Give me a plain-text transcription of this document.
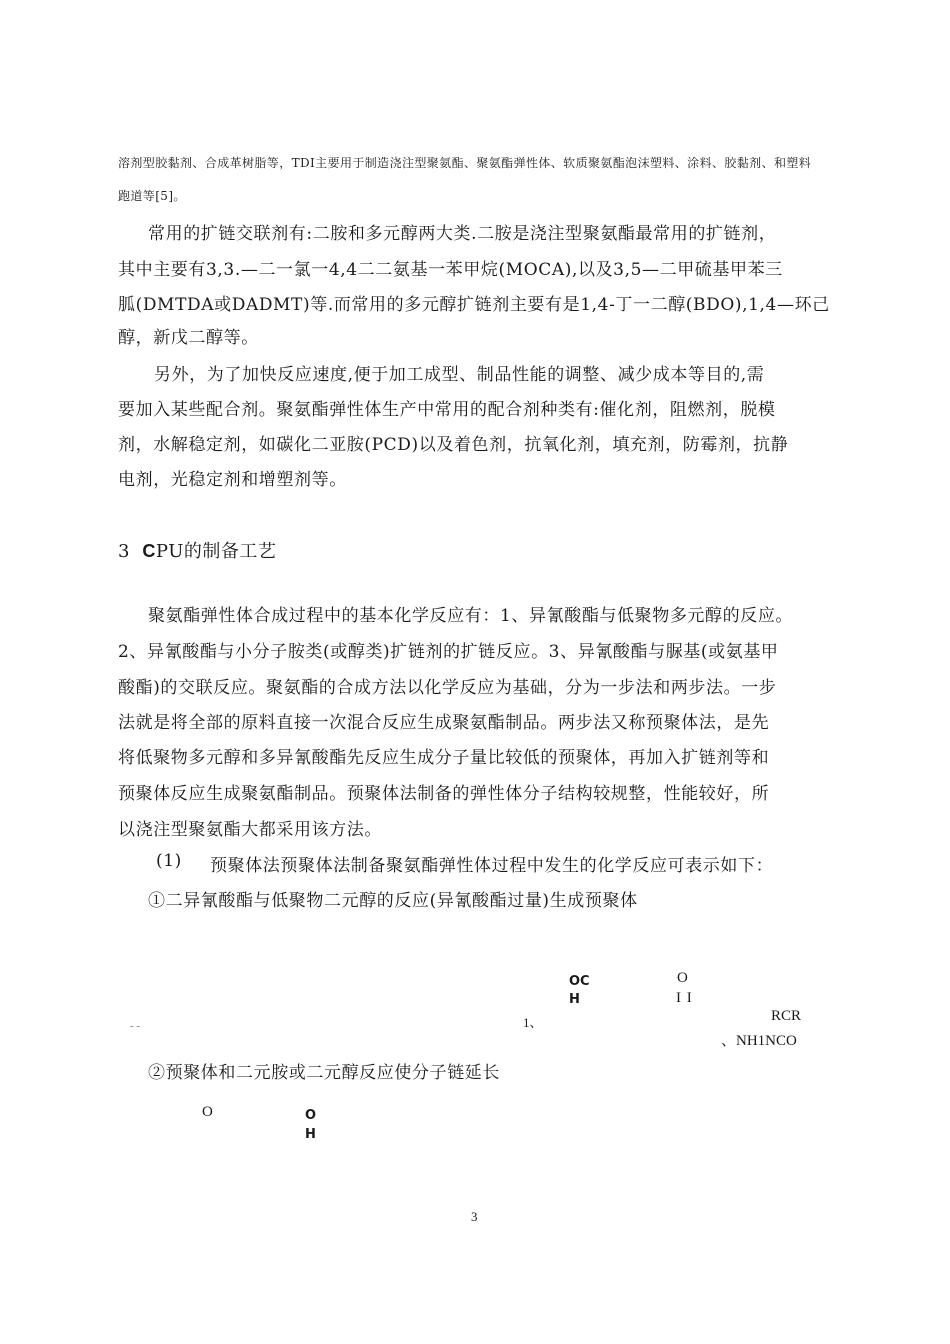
溶剂型胶黏剂、合成革树脂等，TDI主要用于制造浇注型聚氨酯、聚氨酯弹性体、软质聚氨酯泡沫塑料、涂料、胶黏剂、和塑料
跑道等[5]。
常用的扩链交联剂有:二胺和多元醇两大类.二胺是浇注型聚氨酯最常用的扩链剂，
其中主要有3,3.—二一氯一4,4二二氨基一苯甲烷(MOCA),以及3,5—二甲硫基甲苯三
胍(DMTDA或DADMT)等.而常用的多元醇扩链剂主要有是1,4-丁一二醇(BDO),1,4—环己
醇，新戊二醇等。
另外，为了加快反应速度,便于加工成型、制品性能的调整、减少成本等目的,需
要加入某些配合剂。聚氨酯弹性体生产中常用的配合剂种类有:催化剂，阻燃剂，脱模
剂，水解稳定剂，如碳化二亚胺(PCD)以及着色剂，抗氧化剂，填充剂，防霉剂，抗静
电剂，光稳定剂和增塑剂等。
3 CPU的制备工艺
聚氨酯弹性体合成过程中的基本化学反应有：1、异氰酸酯与低聚物多元醇的反应。
2、异氰酸酯与小分子胺类(或醇类)扩链剂的扩链反应。3、异氰酸酯与脲基(或氨基甲
酸酯)的交联反应。聚氨酯的合成方法以化学反应为基础，分为一步法和两步法。一步
法就是将全部的原料直接一次混合反应生成聚氨酯制品。两步法又称预聚体法，是先
将低聚物多元醇和多异氰酸酯先反应生成分子量比较低的预聚体，再加入扩链剂等和
预聚体反应生成聚氨酯制品。预聚体法制备的弹性体分子结构较规整，性能较好，所
以浇注型聚氨酯大都采用该方法。
(1) 预聚体法预聚体法制备聚氨酯弹性体过程中发生的化学反应可表示如下：
①二异氰酸酯与低聚物二元醇的反应(异氰酸酯过量)生成预聚体
- -
OC
H
O
I I
1、	RCR
、NH1NCO
②预聚体和二元胺或二元醇反应使分子链延长
O	O
H
3
